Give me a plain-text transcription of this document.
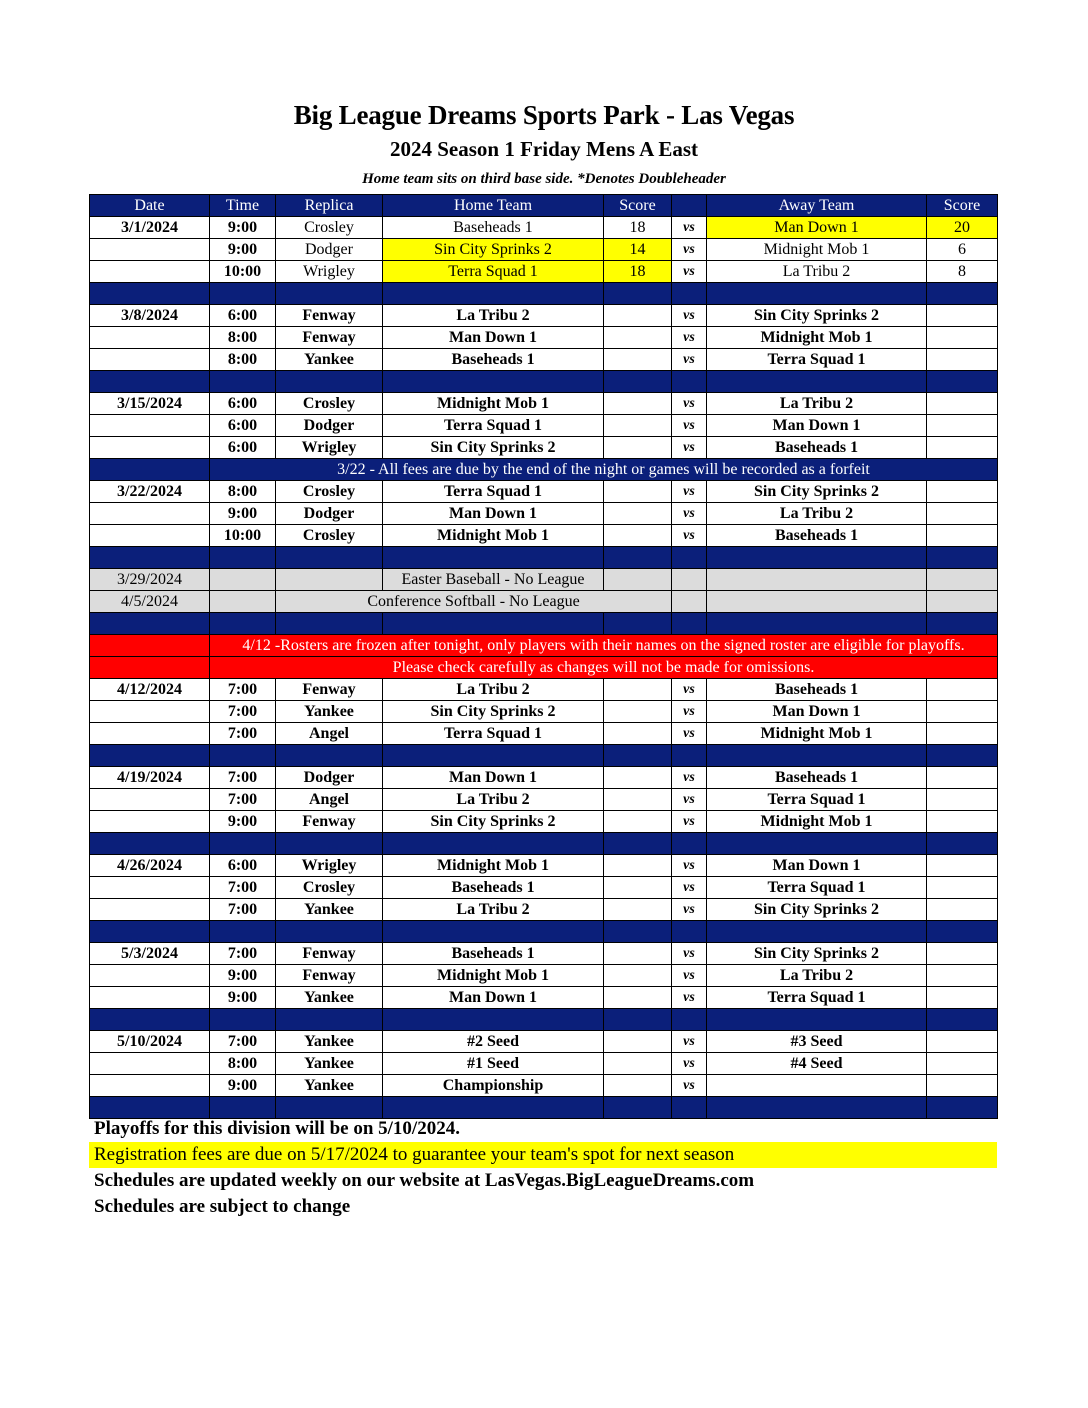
Big League Dreams Sports Park - Las Vegas
2024 Season 1 Friday Mens A East
Home team sits on third base side. *Denotes Doubleheader
Date	Time	Replica	Home Team	Score		Away Team	Score
3/1/2024	9:00	Crosley	Baseheads 1	18	vs	Man Down 1	20
	9:00	Dodger	Sin City Sprinks 2	14	vs	Midnight Mob 1	6
	10:00	Wrigley	Terra Squad 1	18	vs	La Tribu 2	8

3/8/2024	6:00	Fenway	La Tribu 2		vs	Sin City Sprinks 2	
	8:00	Fenway	Man Down 1		vs	Midnight Mob 1	
	8:00	Yankee	Baseheads 1		vs	Terra Squad 1	

3/15/2024	6:00	Crosley	Midnight Mob 1		vs	La Tribu 2	
	6:00	Dodger	Terra Squad 1		vs	Man Down 1	
	6:00	Wrigley	Sin City Sprinks 2		vs	Baseheads 1	
	3/22 - All fees are due by the end of the night or games will be recorded as a forfeit						
3/22/2024	8:00	Crosley	Terra Squad 1		vs	Sin City Sprinks 2	
	9:00	Dodger	Man Down 1		vs	La Tribu 2	
	10:00	Crosley	Midnight Mob 1		vs	Baseheads 1	

3/29/2024			Easter Baseball - No League				
4/5/2024		Conference Softball - No League					

	4/12 -Rosters are frozen after tonight, only players with their names on the signed roster are eligible for playoffs.						
	Please check carefully as changes will not be made for omissions.						
4/12/2024	7:00	Fenway	La Tribu 2		vs	Baseheads 1	
	7:00	Yankee	Sin City Sprinks 2		vs	Man Down 1	
	7:00	Angel	Terra Squad 1		vs	Midnight Mob 1	

4/19/2024	7:00	Dodger	Man Down 1		vs	Baseheads 1	
	7:00	Angel	La Tribu 2		vs	Terra Squad 1	
	9:00	Fenway	Sin City Sprinks 2		vs	Midnight Mob 1	

4/26/2024	6:00	Wrigley	Midnight Mob 1		vs	Man Down 1	
	7:00	Crosley	Baseheads 1		vs	Terra Squad 1	
	7:00	Yankee	La Tribu 2		vs	Sin City Sprinks 2	

5/3/2024	7:00	Fenway	Baseheads 1		vs	Sin City Sprinks 2	
	9:00	Fenway	Midnight Mob 1		vs	La Tribu 2	
	9:00	Yankee	Man Down 1		vs	Terra Squad 1	

5/10/2024	7:00	Yankee	#2 Seed		vs	#3 Seed	
	8:00	Yankee	#1 Seed		vs	#4 Seed	
	9:00	Yankee	Championship		vs		

Playoffs for this division will be on 5/10/2024.
Registration fees are due on 5/17/2024 to guarantee your team's spot for next season
Schedules are updated weekly on our website at LasVegas.BigLeagueDreams.com
Schedules are subject to change
